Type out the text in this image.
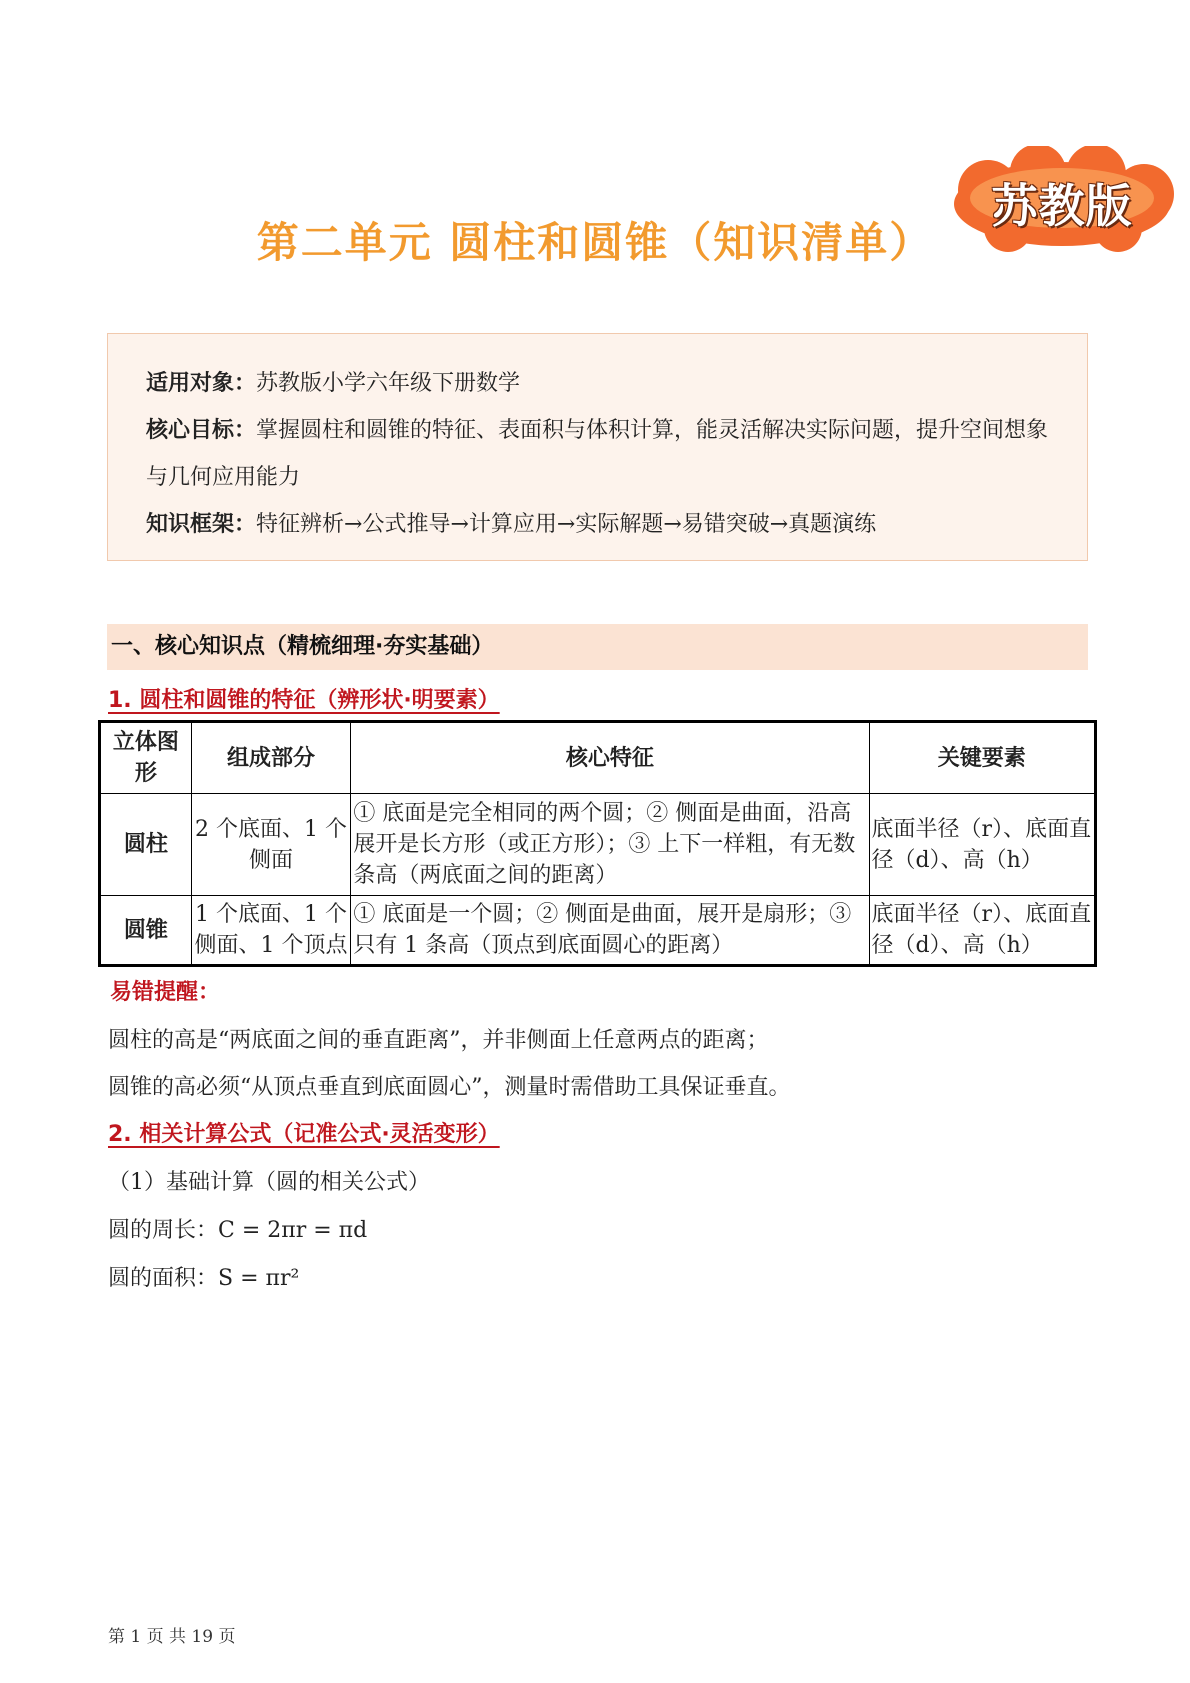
苏教版
第二单元 圆柱和圆锥（知识清单）

适用对象：苏教版小学六年级下册数学

核心目标：掌握圆柱和圆锥的特征、表面积与体积计算，能灵活解决实际问题，提升空间想象与几何应用能力

知识框架：特征辨析→公式推导→计算应用→实际解题→易错突破→真题演练

一、核心知识点（精梳细理·夯实基础）
1. 圆柱和圆锥的特征（辨形状·明要素）
立体图形	组成部分	核心特征	关键要素
圆柱	2 个底面、1 个侧面	① 底面是完全相同的两个圆；② 侧面是曲面，沿高展开是长方形（或正方形）；③ 上下一样粗，有无数条高（两底面之间的距离）	底面半径（r）、底面直径（d）、高（h）
圆锥	1 个底面、1 个侧面、1 个顶点	① 底面是一个圆；② 侧面是曲面，展开是扇形；③ 只有 1 条高（顶点到底面圆心的距离）	底面半径（r）、底面直径（d）、高（h）
易错提醒：
圆柱的高是“两底面之间的垂直距离”，并非侧面上任意两点的距离；
圆锥的高必须“从顶点垂直到底面圆心”，测量时需借助工具保证垂直。
2. 相关计算公式（记准公式·灵活变形）
（1）基础计算（圆的相关公式）
圆的周长：C = 2πr = πd
圆的面积：S = πr²
第 1 页 共 19 页
